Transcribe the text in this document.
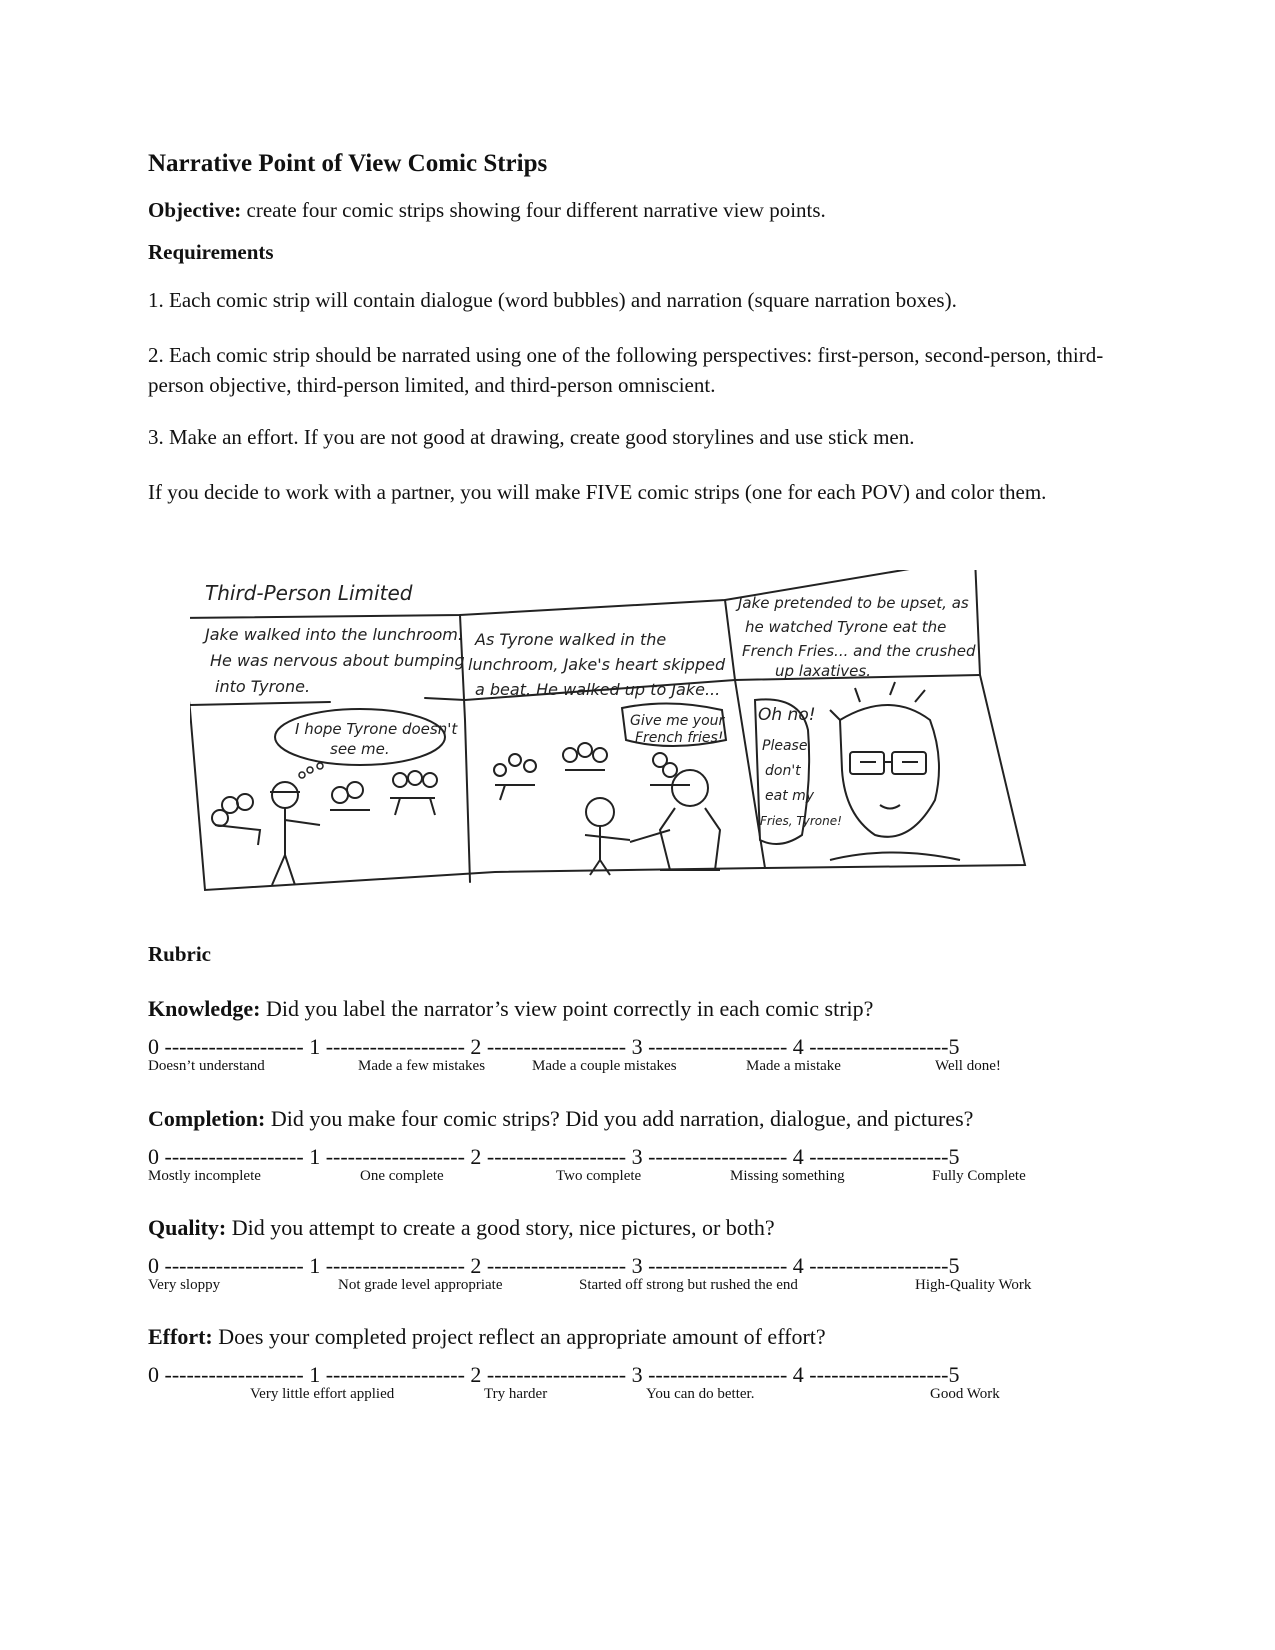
Narrative Point of View Comic Strips
Objective: create four comic strips showing four different narrative view points.
Requirements
1. Each comic strip will contain dialogue (word bubbles) and narration (square narration boxes).
2. Each comic strip should be narrated using one of the following perspectives: first-person, second-person, third-person objective, third-person limited, and third-person omniscient.
3. Make an effort. If you are not good at drawing, create good storylines and use stick men.
If you decide to work with a partner, you will make FIVE comic strips (one for each POV) and color them.
Third-Person Limited
Jake walked into the lunchroom.
He was nervous about bumping
into Tyrone.
I hope Tyrone doesn't
see me.
As Tyrone walked in the
lunchroom, Jake's heart skipped
a beat. He walked up to Jake...
Give me your
French fries!
Jake pretended to be upset, as
he watched Tyrone eat the
French Fries... and the crushed
up laxatives.
Oh no!
Please
don't
eat my
Fries, Tyrone!
Rubric
Knowledge: Did you label the narrator’s view point correctly in each comic strip?
0 ------------------- 1 ------------------- 2 ------------------- 3 ------------------- 4 -------------------5
Doesn’t understand	Made a few mistakes	Made a couple mistakes	Made a mistake	Well done!
Completion: Did you make four comic strips? Did you add narration, dialogue, and pictures?
0 ------------------- 1 ------------------- 2 ------------------- 3 ------------------- 4 -------------------5
Mostly incomplete	One complete	Two complete	Missing something	Fully Complete
Quality: Did you attempt to create a good story, nice pictures, or both?
0 ------------------- 1 ------------------- 2 ------------------- 3 ------------------- 4 -------------------5
Very sloppy	Not grade level appropriate	Started off strong but rushed the end	High-Quality Work
Effort: Does your completed project reflect an appropriate amount of effort?
0 ------------------- 1 ------------------- 2 ------------------- 3 ------------------- 4 -------------------5
Very little effort applied	Try harder	You can do better.	Good Work
